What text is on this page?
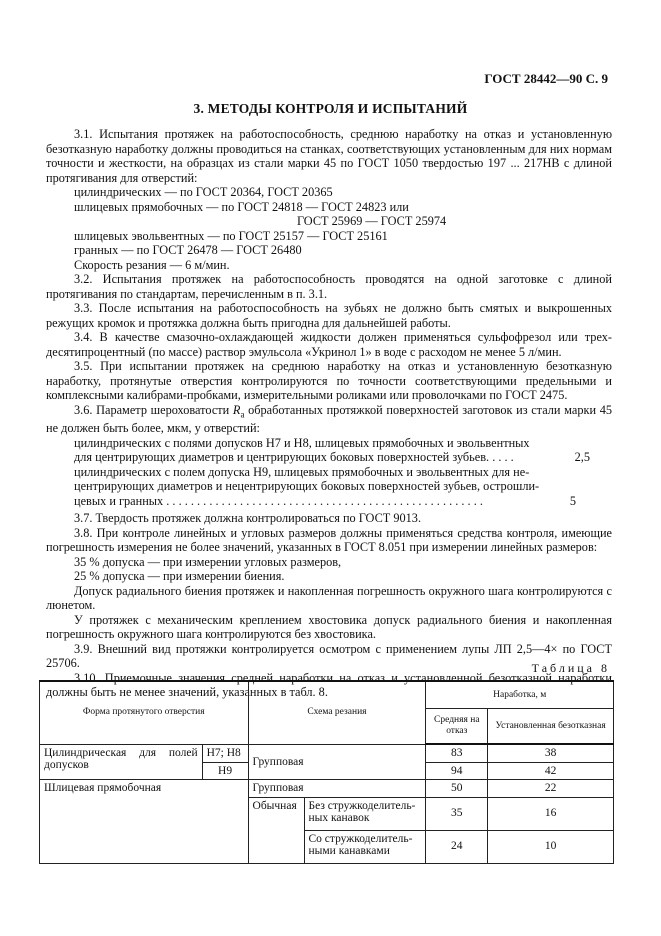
ГОСТ 28442—90 С. 9
3. МЕТОДЫ КОНТРОЛЯ И ИСПЫТАНИЙ

3.1. Испытания протяжек на работоспособность, среднюю наработку на отказ и установленную безотказную наработку должны проводиться на станках, соответствующих установленным для них нормам точности и жесткости, на образцах из стали марки 45 по ГОСТ 1050 твердостью 197 ... 217НВ с длиной протягивания для отверстий:

цилиндрических — по ГОСТ 20364, ГОСТ 20365

шлицевых прямобочных — по ГОСТ 24818 — ГОСТ 24823 или

ГОСТ 25969 — ГОСТ 25974

шлицевых эвольвентных — по ГОСТ 25157 — ГОСТ 25161

гранных — по ГОСТ 26478 — ГОСТ 26480

Скорость резания — 6 м/мин.

3.2. Испытания протяжек на работоспособность проводятся на одной заготовке с длиной протягивания по стандартам, перечисленным в п. 3.1.

3.3. После испытания на работоспособность на зубьях не должно быть смятых и выкрошенных режущих кромок и протяжка должна быть пригодна для дальнейшей работы.

3.4. В качестве смазочно-охлаждающей жидкости должен применяться сульфофрезол или трех-десятипроцентный (по массе) раствор эмульсола «Укринол 1» в воде с расходом не менее 5 л/мин.

3.5. При испытании протяжек на среднюю наработку на отказ и установленную безотказную наработку, протянутые отверстия контролируются по точности соответствующими предельными и комплексными калибрами-пробками, измерительными роликами или проволочками по ГОСТ 2475.

3.6. Параметр шероховатости $R_a$ обработанных протяжкой поверхностей заготовок из стали марки 45 не должен быть более, мкм, у отверстий:

цилиндрических с полями допусков H7 и H8, шлицевых прямобочных и эвольвентных

для центрирующих диаметров и центрирующих боковых поверхностей зубьев. . . . .	2,5

цилиндрических с полем допуска H9, шлицевых прямобочных и эвольвентных для не-

центрирующих диаметров и нецентрирующих боковых поверхностей зубьев, острошли-

цевых и гранных . . . . . . . . . . . . . . . . . . . . . . . . . . . . . . . . . . . . . . . . . . . . . . . . . . . .	5

3.7. Твердость протяжек должна контролироваться по ГОСТ 9013.

3.8. При контроле линейных и угловых размеров должны применяться средства контроля, имеющие погрешность измерения не более значений, указанных в ГОСТ 8.051 при измерении линейных размеров:

35 % допуска — при измерении угловых размеров,

25 % допуска — при измерении биения.

Допуск радиального биения протяжек и накопленная погрешность окружного шага контролируются с люнетом.

У протяжек с механическим креплением хвостовика допуск радиального биения и накопленная погрешность окружного шага контролируются без хвостовика.

3.9. Внешний вид протяжки контролируется осмотром с применением лупы ЛП 2,5—4× по ГОСТ 25706.

3.10. Приемочные значения средней наработки на отказ и установленной безотказной наработки должны быть не менее значений, указанных в табл. 8.

Таблица 8
Форма протянутого отверстия		Схема резания		Наработка, м	
				Средняя на отказ	Установленная безотказная
Цилиндрическая для полей допусков	H7; H8	Групповая		83	38
	H9			94	42
Шлицевая прямобочная		Групповая		50	22
		Обычная	Без стружкоделитель-ных канавок	35	16
			Со стружкоделитель-ными канавками	24	10
